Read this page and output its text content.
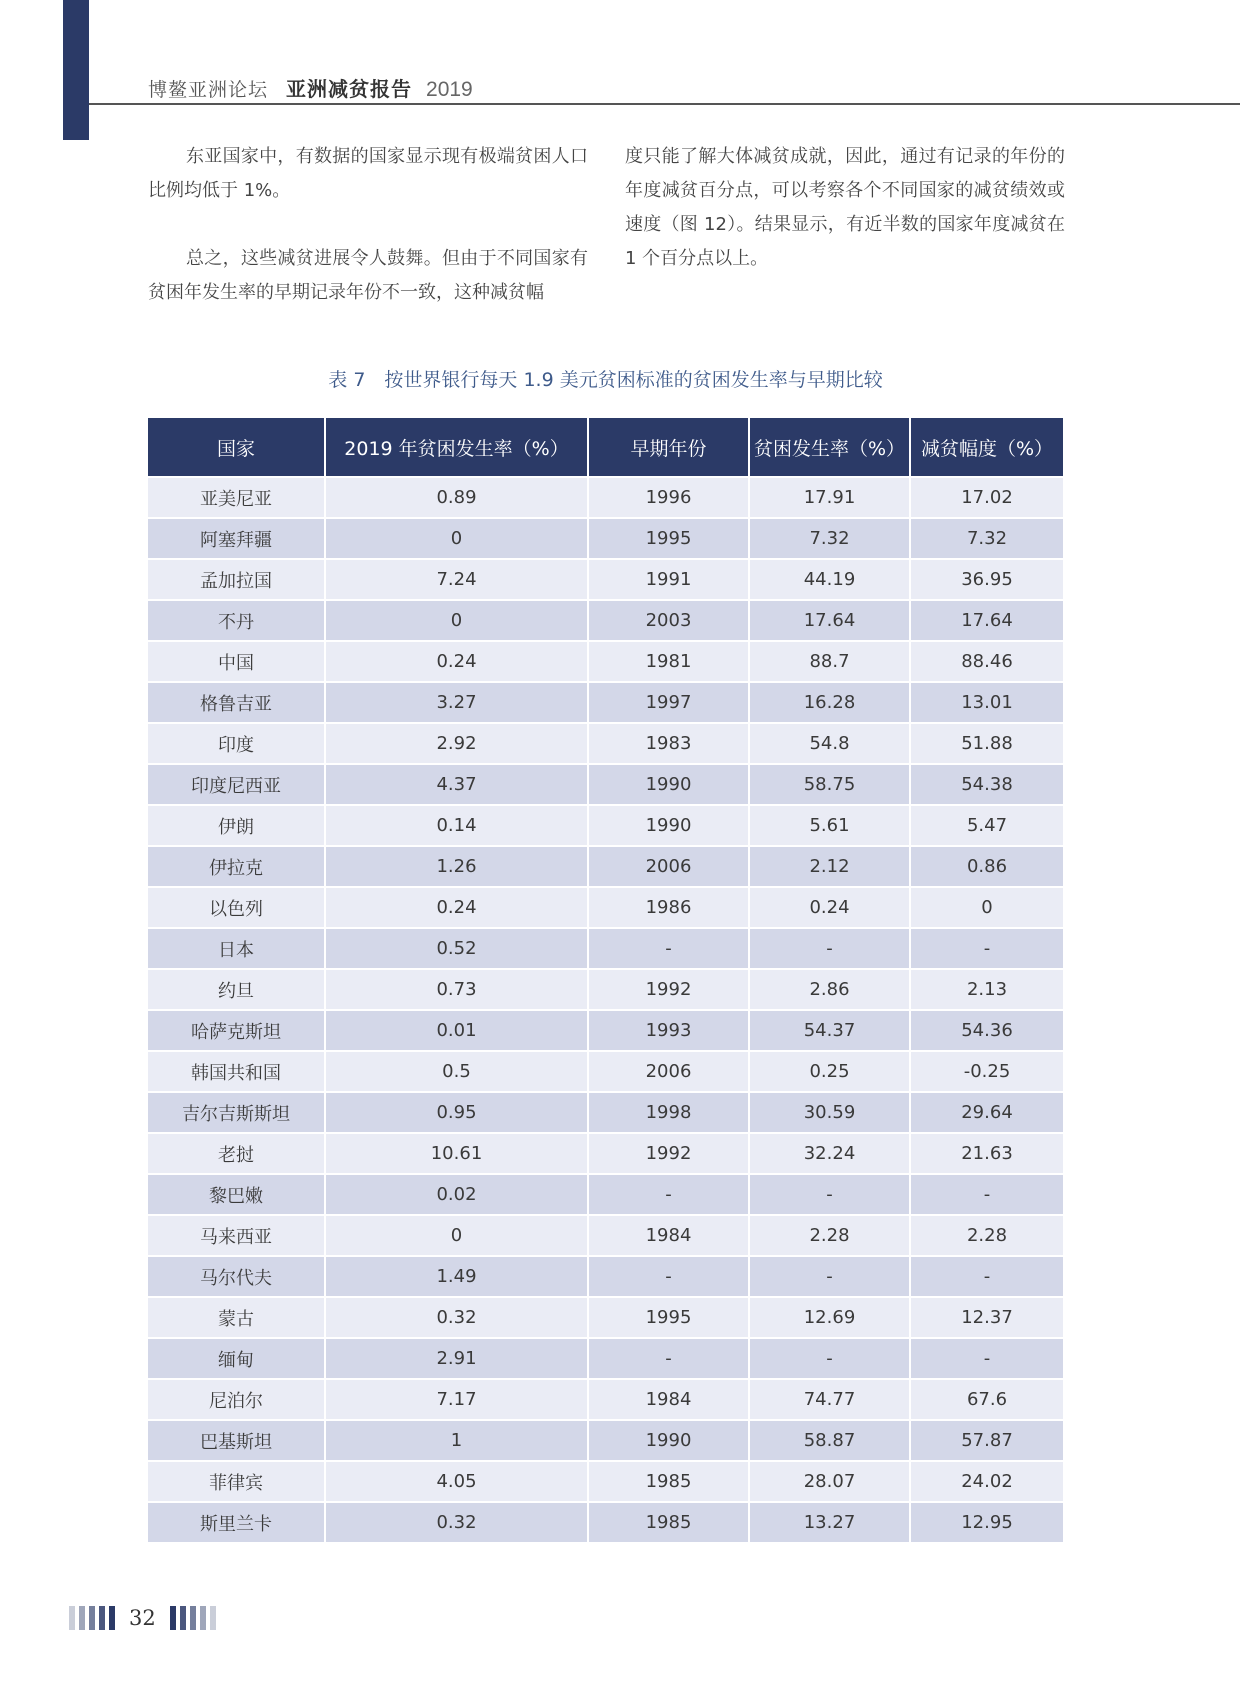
博鳌亚洲论坛 亚洲减贫报告 2019

东亚国家中，有数据的国家显示现有极端贫困人口比例均低于 1%。

总之，这些减贫进展令人鼓舞。但由于不同国家有贫困年发生率的早期记录年份不一致，这种减贫幅

度只能了解大体减贫成就，因此，通过有记录的年份的年度减贫百分点，可以考察各个不同国家的减贫绩效或速度（图 12）。结果显示，有近半数的国家年度减贫在 1 个百分点以上。

表 7　按世界银行每天 1.9 美元贫困标准的贫困发生率与早期比较
国家	2019 年贫困发生率（%）	早期年份	贫困发生率（%）	减贫幅度（%）
亚美尼亚	0.89	1996	17.91	17.02
阿塞拜疆	0	1995	7.32	7.32
孟加拉国	7.24	1991	44.19	36.95
不丹	0	2003	17.64	17.64
中国	0.24	1981	88.7	88.46
格鲁吉亚	3.27	1997	16.28	13.01
印度	2.92	1983	54.8	51.88
印度尼西亚	4.37	1990	58.75	54.38
伊朗	0.14	1990	5.61	5.47
伊拉克	1.26	2006	2.12	0.86
以色列	0.24	1986	0.24	0
日本	0.52	-	-	-
约旦	0.73	1992	2.86	2.13
哈萨克斯坦	0.01	1993	54.37	54.36
韩国共和国	0.5	2006	0.25	-0.25
吉尔吉斯斯坦	0.95	1998	30.59	29.64
老挝	10.61	1992	32.24	21.63
黎巴嫩	0.02	-	-	-
马来西亚	0	1984	2.28	2.28
马尔代夫	1.49	-	-	-
蒙古	0.32	1995	12.69	12.37
缅甸	2.91	-	-	-
尼泊尔	7.17	1984	74.77	67.6
巴基斯坦	1	1990	58.87	57.87
菲律宾	4.05	1985	28.07	24.02
斯里兰卡	0.32	1985	13.27	12.95
32
